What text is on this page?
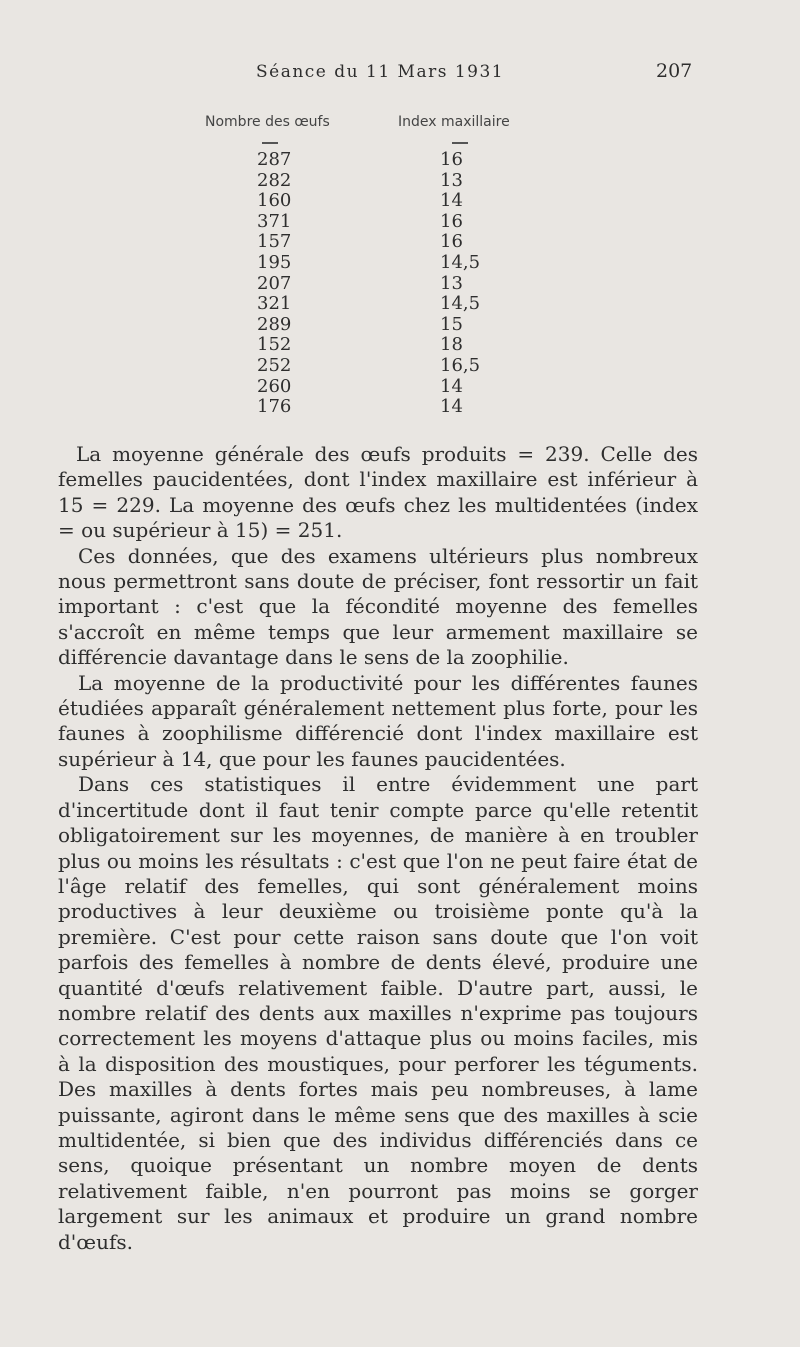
Séance du 11 Mars 1931	207
Nombre des œufs
287
282
160
371
157
195
207
321
289
152
252
260
176
Index maxillaire
16
13
14
16
16
14,5
13
14,5
15
18
16,5
14
14

La moyenne générale des œufs produits = 239. Celle des femelles paucidentées, dont l'index maxillaire est inférieur à 15 = 229. La moyenne des œufs chez les multidentées (index = ou supérieur à 15) = 251.

Ces données, que des examens ultérieurs plus nombreux nous permettront sans doute de préciser, font ressortir un fait important : c'est que la fécondité moyenne des femelles s'accroît en même temps que leur armement maxillaire se différencie davantage dans le sens de la zoophilie.

La moyenne de la productivité pour les différentes faunes étudiées apparaît généralement nettement plus forte, pour les faunes à zoophilisme différencié dont l'index maxillaire est supérieur à 14, que pour les faunes paucidentées.

Dans ces statistiques il entre évidemment une part d'incertitude dont il faut tenir compte parce qu'elle retentit obligatoirement sur les moyennes, de manière à en troubler plus ou moins les résultats : c'est que l'on ne peut faire état de l'âge relatif des femelles, qui sont généralement moins productives à leur deuxième ou troisième ponte qu'à la première. C'est pour cette raison sans doute que l'on voit parfois des femelles à nombre de dents élevé, produire une quantité d'œufs relativement faible. D'autre part, aussi, le nombre relatif des dents aux maxilles n'exprime pas toujours correctement les moyens d'attaque plus ou moins faciles, mis à la disposition des moustiques, pour perforer les téguments. Des maxilles à dents fortes mais peu nombreuses, à lame puissante, agiront dans le même sens que des maxilles à scie multidentée, si bien que des individus différenciés dans ce sens, quoique présentant un nombre moyen de dents relativement faible, n'en pourront pas moins se gorger largement sur les animaux et produire un grand nombre d'œufs.
